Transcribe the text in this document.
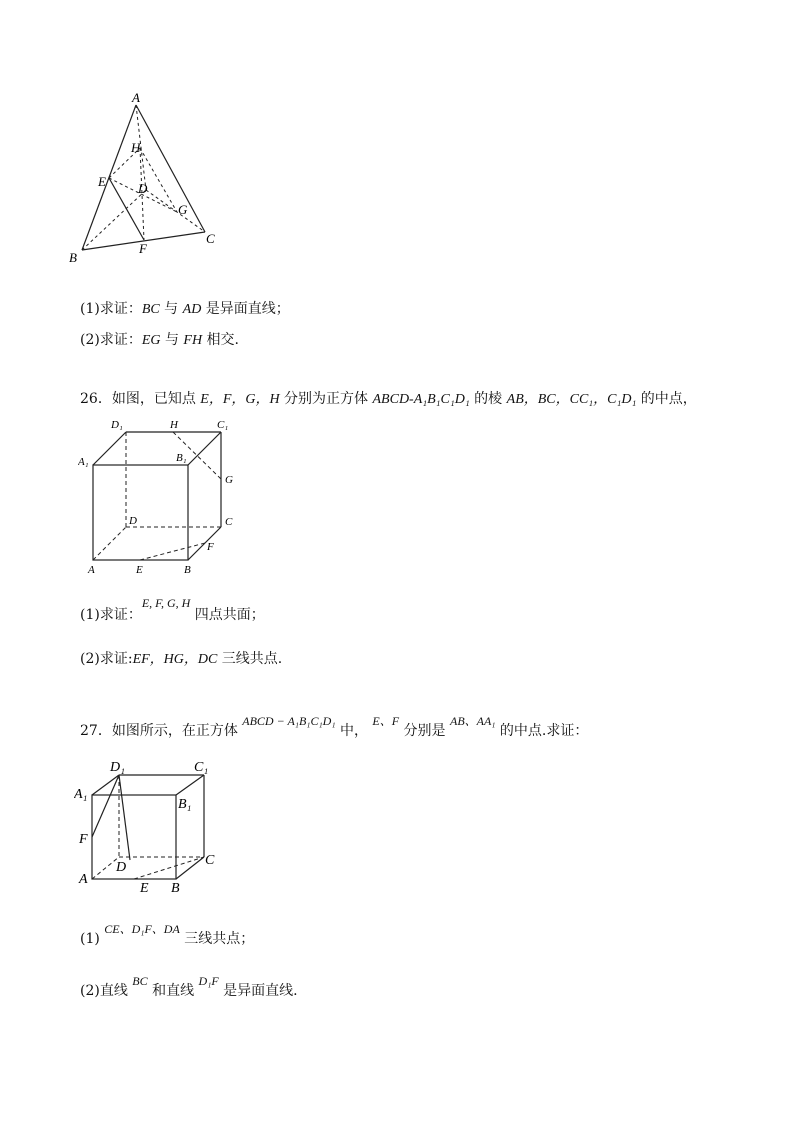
A
B
C
D
E
F
G
H
(1)求证：BC 与 AD 是异面直线；
(2)求证：EG 与 FH 相交.
26．如图，已知点 E，F，G，H 分别为正方体 ABCD-A₁B₁C₁D₁ 的棱 AB，BC，CC₁，C₁D₁ 的中点，
D₁	H	C₁
A₁	B₁
G
D	C
F
A	E	B
(1)求证：E, F, G, H 四点共面；
(2)求证:EF，HG，DC 三线共点.
27．如图所示，在正方体 ABCD − A₁B₁C₁D₁ 中， E、F 分别是 AB、AA₁ 的中点.求证：
D₁	C₁
A₁
B₁
F
D	C
A
E B
(1) CE、D₁F、DA 三线共点；
(2)直线 BC 和直线 D₁F 是异面直线.
